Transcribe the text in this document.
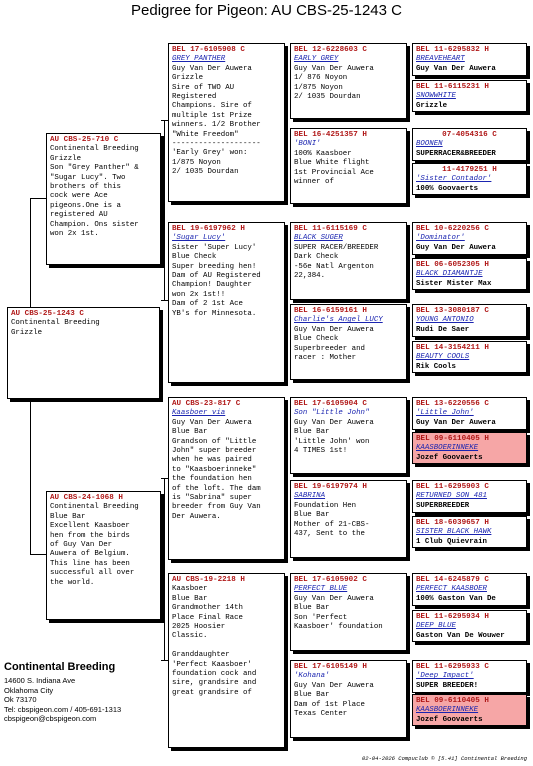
Pedigree for Pigeon: AU CBS-25-1243 C
AU CBS-25-1243 C
Continental Breeding
Grizzle
AU CBS-25-710 C
Continental Breeding
Grizzle
Son "Grey Panther" &
"Sugar Lucy". Two
brothers of this
cock were Ace
pigeons.One is a
registered AU
Champion. Ons sister
won 2x 1st.
AU CBS-24-1068 H
Continental Breeding
Blue Bar
Excellent Kaasboer
hen from the birds
of Guy Van Der
Auwera of Belgium.
This line has been
successful all over
the world.
BEL 17-6105908 C
GREY PANTHER
Guy Van Der Auwera
Grizzle
Sire of TWO AU
Registered
Champions. Sire of
multiple 1st Prize
winners. 1/2 Brother
"White Freedom"
--------------------
'Early Grey' won:
1/875 Noyon
2/ 1035 Dourdan
BEL 19-6197962 H
'Sugar Lucy'
Sister 'Super Lucy'
Blue Check
Super breeding hen!
Dam of AU Registered
Champion! Daughter
won 2x 1st!!
Dam of 2 1st Ace
YB's for Minnesota.
AU CBS-23-817 C
Kaasboer via
Guy Van Der Auwera
Blue Bar
Grandson of "Little
John" super breeder
when he was paired
to "Kaasboerinneke"
the foundation hen
of the loft. The dam
is "Sabrina" super
breeder from Guy Van
Der Auwera.
AU CBS-19-2218 H
Kaasboer
Blue Bar
Grandmother 14th
Place Final Race
2025 Hoosier
Classic.

Granddaughter
'Perfect Kaasboer'
foundation cock and
sire, grandsire and
great grandsire of
BEL 12-6228603 C
EARLY GREY
Guy Van Der Auwera
1/ 876 Noyon
1/875 Noyon
2/ 1035 Dourdan
BEL 16-4251357 H
'BONI'
100% Kaasboer
Blue White flight
1st Provincial Ace
winner of
BEL 11-6115169 C
BLACK SUGER
SUPER RACER/BREEDER
Dark Check
-56e Natl Argenton
22,384.
BEL 16-6159161 H
Charlie's Angel LUCY
Guy Van Der Auwera
Blue Check
Superbreeder and
racer : Mother
BEL 17-6105904 C
Son "Little John"
Guy Van Der Auwera
Blue Bar
'Little John' won
4 TIMES 1st!
BEL 19-6197974 H
SABRINA
Foundation Hen
Blue Bar
Mother of 21-CBS-
437, Sent to the
BEL 17-6105902 C
PERFECT BLUE
Guy Van Der Auwera
Blue Bar
Son 'Perfect
Kaasboer' foundation
BEL 17-6105149 H
'Kohana'
Guy Van Der Auwera
Blue Bar
Dam of 1st Place
Texas Center
BEL 11-6295832 H
BREAVEHEART
Guy Van Der Auwera
BEL 11-6115231 H
SNOWWHITE
Grizzle
07-4054316 C
BOONEN
SUPERRACER&BREEDER
11-4179251 H
'Sister Contador'
100% Goovaerts
BEL 10-6220256 C
'Dominator'
Guy Van Der Auwera
BEL 06-6052305 H
BLACK DIAMANTJE
Sister Mister Max
BEL 13-3080187 C
YOUNG ANTONIO
Rudi De Saer
BEL 14-3154211 H
BEAUTY COOLS
Rik Cools
BEL 13-6220556 C
'Little John'
Guy Van Der Auwera
BEL 09-6110405 H
KAASBOERINNEKE
Jozef Goovaerts
BEL 11-6295903 C
RETURNED SON 481
SUPERBREEDER
BEL 18-6039657 H
SISTER BLACK HAWK
1 Club Quievrain
BEL 14-6245879 C
PERFECT KAASBOER
100% Gaston Van De
BEL 11-6295934 H
DEEP BLUE
Gaston Van De Wouwer
BEL 11-6295933 C
'Deep Impact'
SUPER BREEDER!
BEL 09-6110405 H
KAASBOERINNEKE
Jozef Goovaerts
Continental Breeding
14600 S. Indiana Ave
Oklahoma City
Ok 73170
Tel: cbspigeon.com / 405-691-1313
cbspigeon@cbspigeon.com
02-04-2026 Compuclub © [5.41] Continental Breeding
